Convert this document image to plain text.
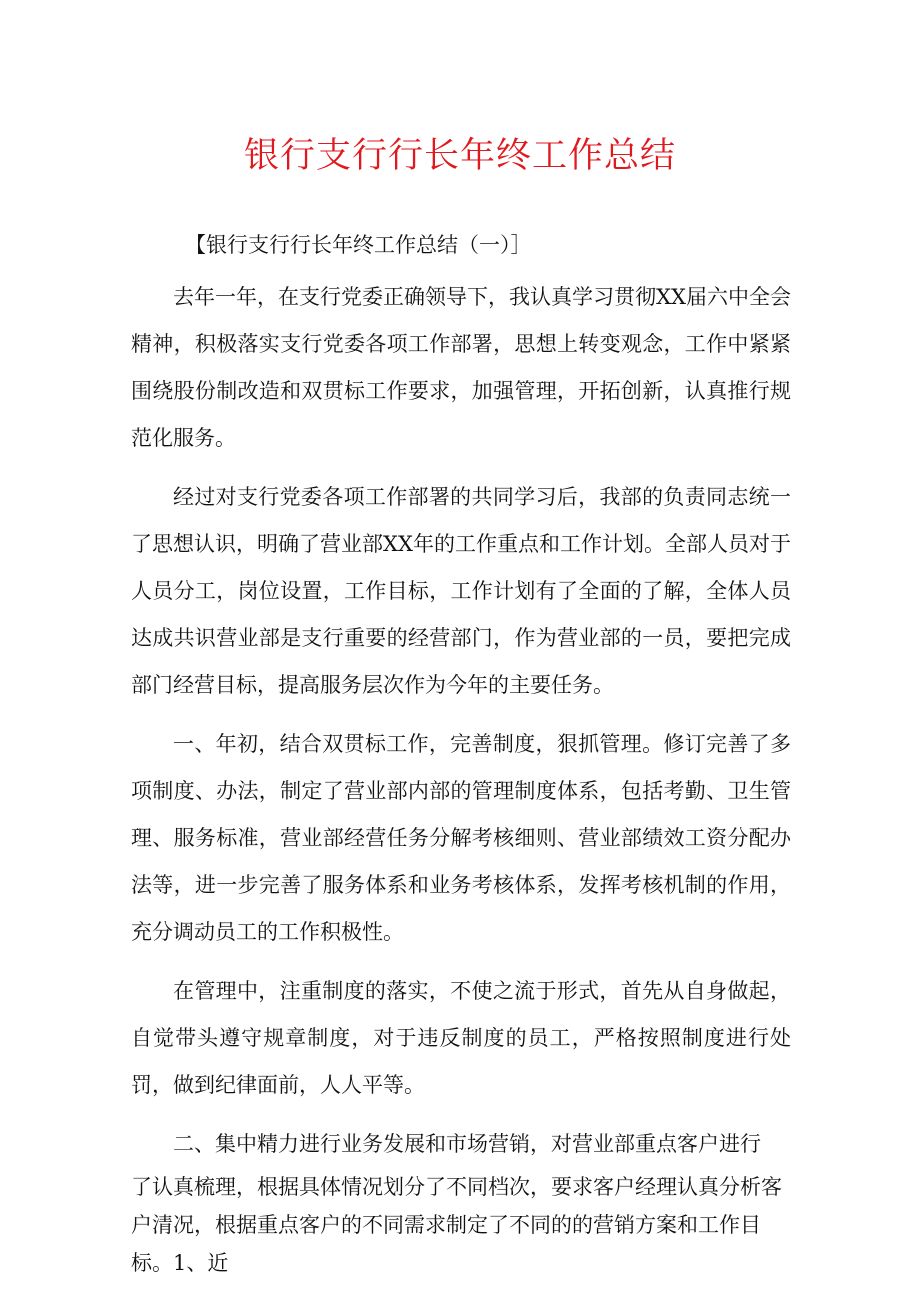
银行支行行长年终工作总结

【银行支行行长年终工作总结（一）］

去年一年，在支行党委正确领导下，我认真学习贯彻XX届六中全会精神，积极落实支行党委各项工作部署，思想上转变观念，工作中紧紧围绕股份制改造和双贯标工作要求，加强管理，开拓创新，认真推行规范化服务。

经过对支行党委各项工作部署的共同学习后，我部的负责同志统一了思想认识，明确了营业部XX年的工作重点和工作计划。全部人员对于人员分工，岗位设置，工作目标，工作计划有了全面的了解，全体人员达成共识营业部是支行重要的经营部门，作为营业部的一员，要把完成部门经营目标，提高服务层次作为今年的主要任务。

一、年初，结合双贯标工作，完善制度，狠抓管理。修订完善了多项制度、办法，制定了营业部内部的管理制度体系，包括考勤、卫生管理、服务标准，营业部经营任务分解考核细则、营业部绩效工资分配办法等，进一步完善了服务体系和业务考核体系，发挥考核机制的作用，充分调动员工的工作积极性。

在管理中，注重制度的落实，不使之流于形式，首先从自身做起，自觉带头遵守规章制度，对于违反制度的员工，严格按照制度进行处罚，做到纪律面前，人人平等。

二、集中精力进行业务发展和市场营销，对营业部重点客户进行

了认真梳理，根据具体情况划分了不同档次，要求客户经理认真分析客户清况，根据重点客户的不同需求制定了不同的的营销方案和工作目标。1、近
